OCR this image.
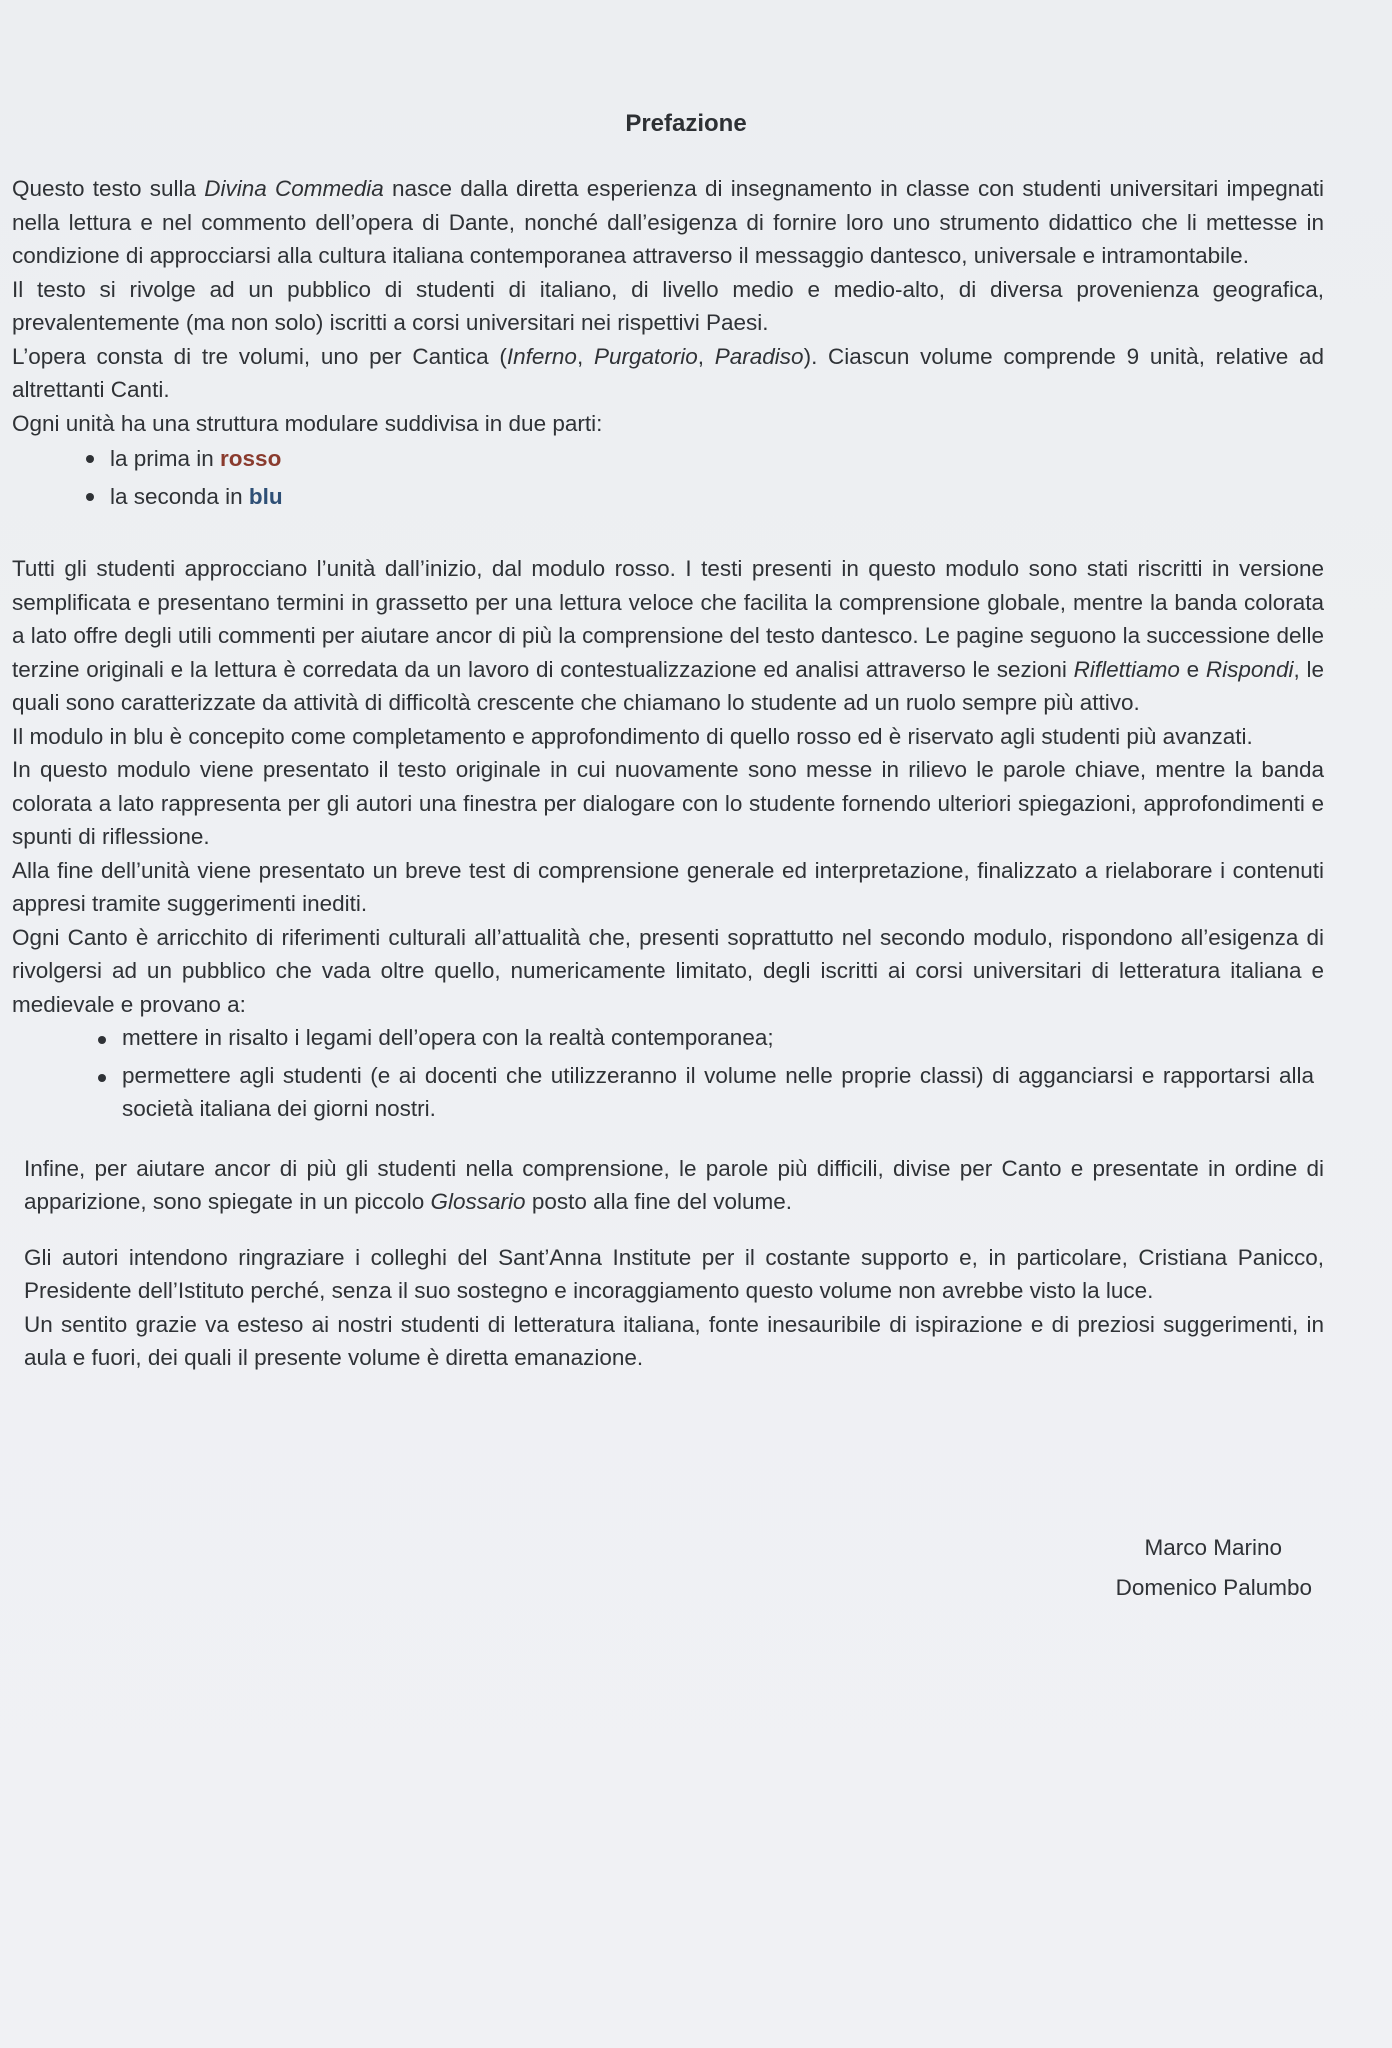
Prefazione

Questo testo sulla Divina Commedia nasce dalla diretta esperienza di insegnamento in classe con studenti universitari impegnati nella lettura e nel commento dell’opera di Dante, nonché dall’esigenza di fornire loro uno strumento didattico che li mettesse in condizione di approcciarsi alla cultura italiana contemporanea attraverso il messaggio dantesco, universale e intramontabile.

Il testo si rivolge ad un pubblico di studenti di italiano, di livello medio e medio-alto, di diversa provenienza geografica, prevalentemente (ma non solo) iscritti a corsi universitari nei rispettivi Paesi.

L’opera consta di tre volumi, uno per Cantica (Inferno, Purgatorio, Paradiso). Ciascun volume comprende 9 unità, relative ad altrettanti Canti.

Ogni unità ha una struttura modulare suddivisa in due parti:

la prima in rosso
la seconda in blu

Tutti gli studenti approcciano l’unità dall’inizio, dal modulo rosso. I testi presenti in questo modulo sono stati riscritti in versione semplificata e presentano termini in grassetto per una lettura veloce che facilita la comprensione globale, mentre la banda colorata a lato offre degli utili commenti per aiutare ancor di più la comprensione del testo dantesco. Le pagine seguono la successione delle terzine originali e la lettura è corredata da un lavoro di contestualizzazione ed analisi attraverso le sezioni Riflettiamo e Rispondi, le quali sono caratterizzate da attività di difficoltà crescente che chiamano lo studente ad un ruolo sempre più attivo.

Il modulo in blu è concepito come completamento e approfondimento di quello rosso ed è riservato agli studenti più avanzati.

In questo modulo viene presentato il testo originale in cui nuovamente sono messe in rilievo le parole chiave, mentre la banda colorata a lato rappresenta per gli autori una finestra per dialogare con lo studente fornendo ulteriori spiegazioni, approfondimenti e spunti di riflessione.

Alla fine dell’unità viene presentato un breve test di comprensione generale ed interpretazione, finalizzato a rielaborare i contenuti appresi tramite suggerimenti inediti.

Ogni Canto è arricchito di riferimenti culturali all’attualità che, presenti soprattutto nel secondo modulo, rispondono all’esigenza di rivolgersi ad un pubblico che vada oltre quello, numericamente limitato, degli iscritti ai corsi universitari di letteratura italiana e medievale e provano a:

mettere in risalto i legami dell’opera con la realtà contemporanea;
permettere agli studenti (e ai docenti che utilizzeranno il volume nelle proprie classi) di agganciarsi e rapportarsi alla società italiana dei giorni nostri.

Infine, per aiutare ancor di più gli studenti nella comprensione, le parole più difficili, divise per Canto e presentate in ordine di apparizione, sono spiegate in un piccolo Glossario posto alla fine del volume.

Gli autori intendono ringraziare i colleghi del Sant’Anna Institute per il costante supporto e, in particolare, Cristiana Panicco, Presidente dell’Istituto perché, senza il suo sostegno e incoraggiamento questo volume non avrebbe visto la luce.

Un sentito grazie va esteso ai nostri studenti di letteratura italiana, fonte inesauribile di ispirazione e di preziosi suggerimenti, in aula e fuori, dei quali il presente volume è diretta emanazione.

Marco Marino
Domenico Palumbo
